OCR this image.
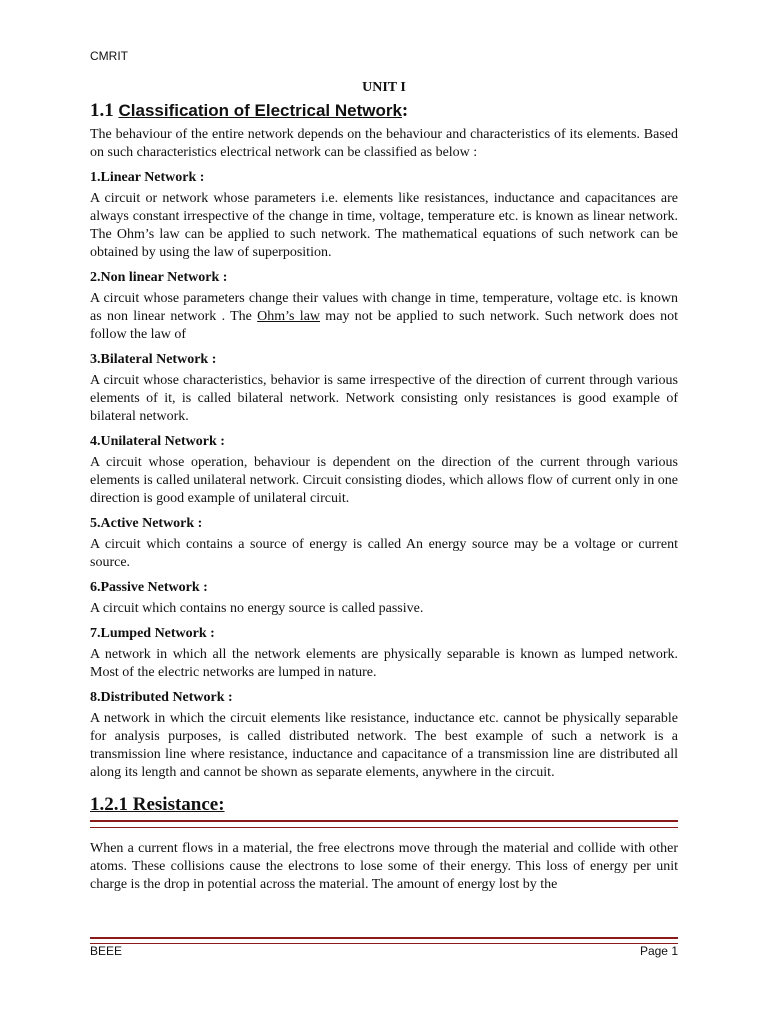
CMRIT
UNIT I
1.1 Classification of Electrical Network:

The behaviour of the entire network depends on the behaviour and characteristics of its elements. Based on such characteristics electrical network can be classified as below :

1.Linear Network :

A circuit or network whose parameters i.e. elements like resistances, inductance and capacitances are always constant irrespective of the change in time, voltage, temperature etc. is known as linear network. The Ohm’s law can be applied to such network. The mathematical equations of such network can be obtained by using the law of superposition.

2.Non linear Network :

A circuit whose parameters change their values with change in time, temperature, voltage etc. is known as non linear network . The Ohm’s law may not be applied to such network. Such network does not follow the law of

3.Bilateral Network :

A circuit whose characteristics, behavior is same irrespective of the direction of current through various elements of it, is called bilateral network. Network consisting only resistances is good example of bilateral network.

4.Unilateral Network :

A circuit whose operation, behaviour is dependent on the direction of the current through various elements is called unilateral network. Circuit consisting diodes, which allows flow of current only in one direction is good example of unilateral circuit.

5.Active Network :

A circuit which contains a source of energy is called An energy source may be a voltage or current source.

6.Passive Network :

A circuit which contains no energy source is called passive.

7.Lumped Network :

A network in which all the network elements are physically separable is known as lumped network. Most of the electric networks are lumped in nature.

8.Distributed Network :

A network in which the circuit elements like resistance, inductance etc. cannot be physically separable for analysis purposes, is called distributed network. The best example of such a network is a transmission line where resistance, inductance and capacitance of a transmission line are distributed all along its length and cannot be shown as separate elements, anywhere in the circuit.

1.2.1 Resistance:

When a current flows in a material, the free electrons move through the material and collide with other atoms. These collisions cause the electrons to lose some of their energy. This loss of energy per unit charge is the drop in potential across the material. The amount of energy lost by the

BEEE	Page 1
